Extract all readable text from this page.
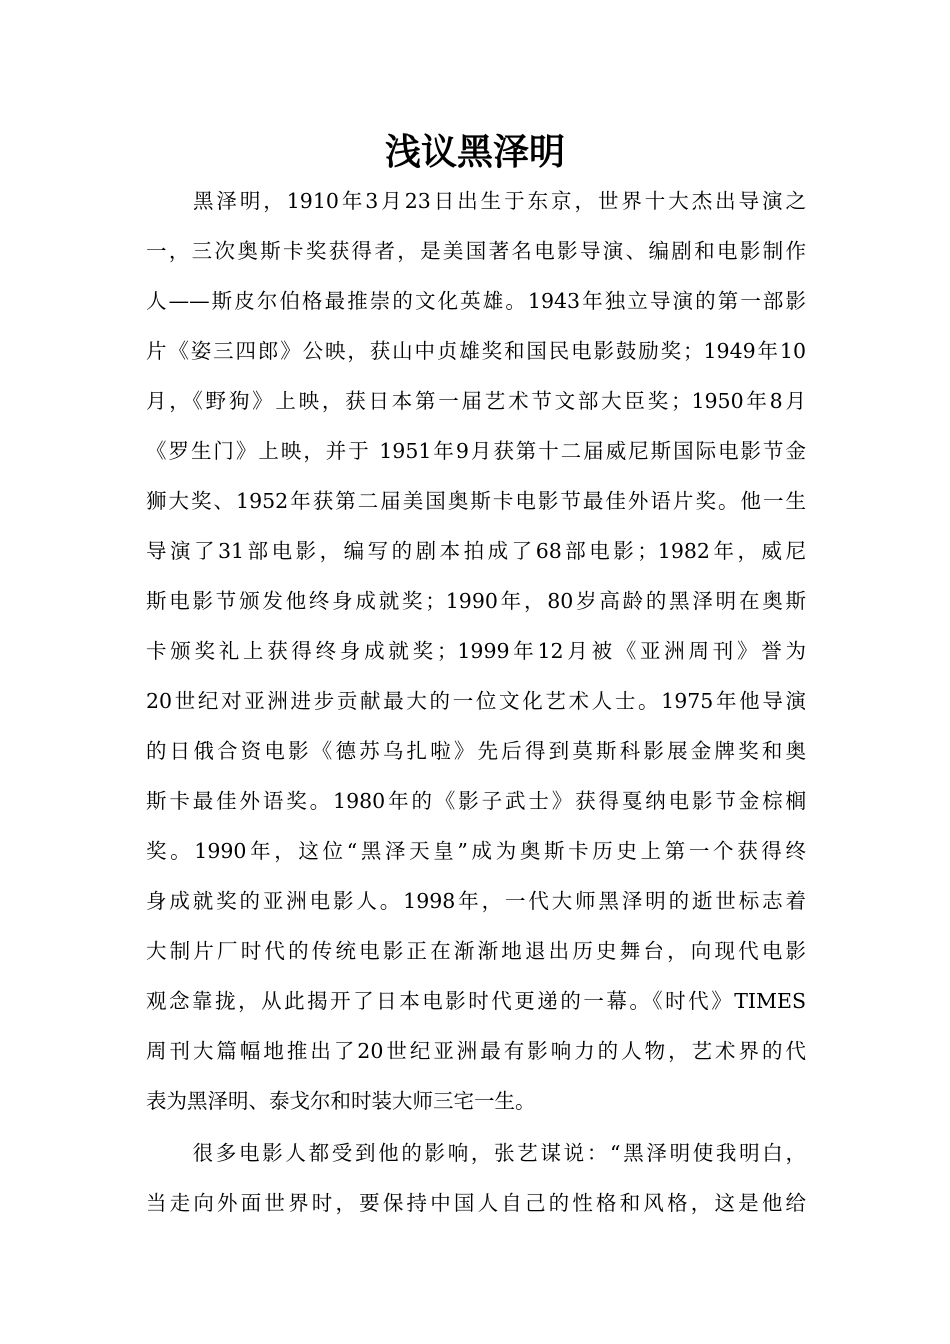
浅议黑泽明
黑泽明，1910年3月23日出生于东京，世界十大杰出导演之
一，三次奥斯卡奖获得者，是美国著名电影导演、编剧和电影制作
人——斯皮尔伯格最推崇的文化英雄。1943年独立导演的第一部影
片《姿三四郎》公映，获山中贞雄奖和国民电影鼓励奖；1949年10
月，《野狗》上映，获日本第一届艺术节文部大臣奖；1950年8月
《罗生门》上映，并于 1951年9月获第十二届威尼斯国际电影节金
狮大奖、1952年获第二届美国奥斯卡电影节最佳外语片奖。他一生
导演了31部电影，编写的剧本拍成了68部电影；1982年，威尼
斯电影节颁发他终身成就奖；1990年，80岁高龄的黑泽明在奥斯
卡颁奖礼上获得终身成就奖；1999年12月被《亚洲周刊》誉为
20世纪对亚洲进步贡献最大的一位文化艺术人士。1975年他导演
的日俄合资电影《德苏乌扎啦》先后得到莫斯科影展金牌奖和奥
斯卡最佳外语奖。1980年的《影子武士》获得戛纳电影节金棕榈
奖。1990年，这位“黑泽天皇”成为奥斯卡历史上第一个获得终
身成就奖的亚洲电影人。1998年，一代大师黑泽明的逝世标志着
大制片厂时代的传统电影正在渐渐地退出历史舞台，向现代电影
观念靠拢，从此揭开了日本电影时代更递的一幕。《时代》TIMES
周刊大篇幅地推出了20世纪亚洲最有影响力的人物，艺术界的代
表为黑泽明、泰戈尔和时装大师三宅一生。
很多电影人都受到他的影响，张艺谋说：“黑泽明使我明白，
当走向外面世界时，要保持中国人自己的性格和风格，这是他给
